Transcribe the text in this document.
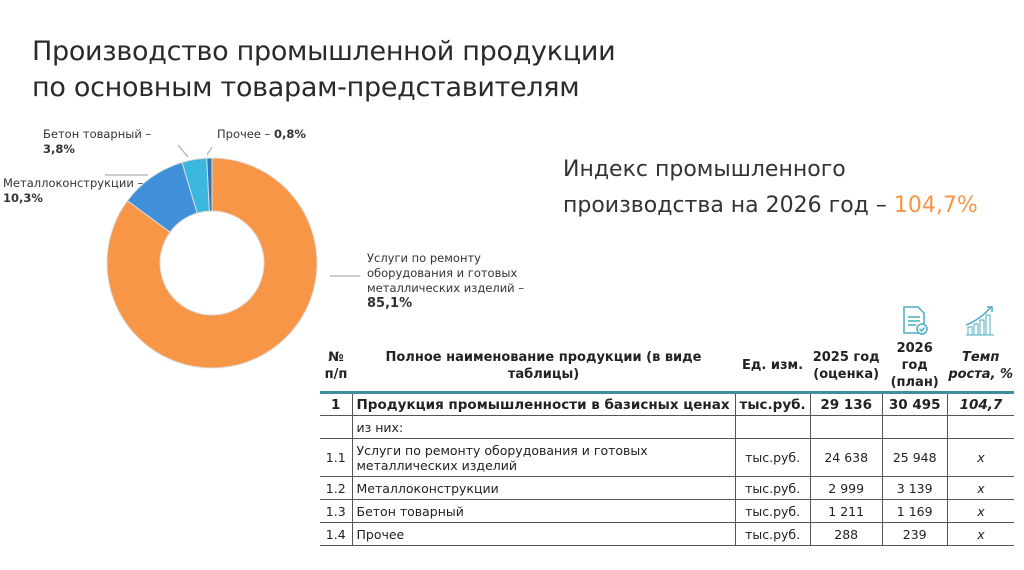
Производство промышленной продукции
по основным товарам-представителям
Бетон товарный –
3,8%
Прочее – 0,8%
Металлоконструкции –
10,3%
Услуги по ремонту оборудования и готовых металлических изделий – 85,1%
Индекс промышленного
производства на 2026 год – 104,7%
№ п/п	Полное наименование продукции (в виде таблицы)	Ед. изм.	2025 год (оценка)	2026 год (план)	Темп роста, %
1	Продукция промышленности в базисных ценах	тыс.руб.	29 136	30 495	104,7
	из них:				
1.1	Услуги по ремонту оборудования и готовых металлических изделий	тыс.руб.	24 638	25 948	х
1.2	Металлоконструкции	тыс.руб.	2 999	3 139	х
1.3	Бетон товарный	тыс.руб.	1 211	1 169	х
1.4	Прочее	тыс.руб.	288	239	х
